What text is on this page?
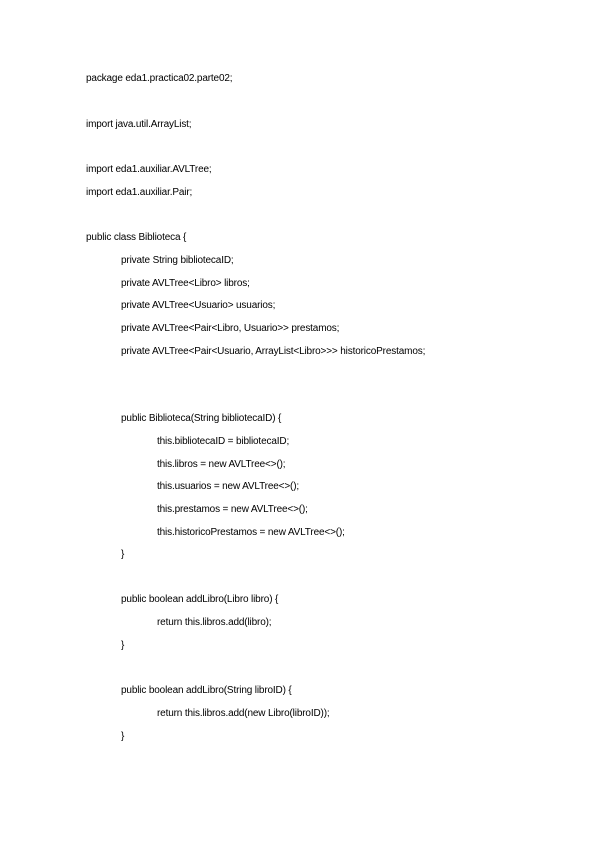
package eda1.practica02.parte02;
import java.util.ArrayList;
import eda1.auxiliar.AVLTree;
import eda1.auxiliar.Pair;
public class Biblioteca {
private String bibliotecaID;
private AVLTree<Libro> libros;
private AVLTree<Usuario> usuarios;
private AVLTree<Pair<Libro, Usuario>> prestamos;
private AVLTree<Pair<Usuario, ArrayList<Libro>>> historicoPrestamos;
public Biblioteca(String bibliotecaID) {
this.bibliotecaID = bibliotecaID;
this.libros = new AVLTree<>();
this.usuarios = new AVLTree<>();
this.prestamos = new AVLTree<>();
this.historicoPrestamos = new AVLTree<>();
}
public boolean addLibro(Libro libro) {
return this.libros.add(libro);
}
public boolean addLibro(String libroID) {
return this.libros.add(new Libro(libroID));
}
